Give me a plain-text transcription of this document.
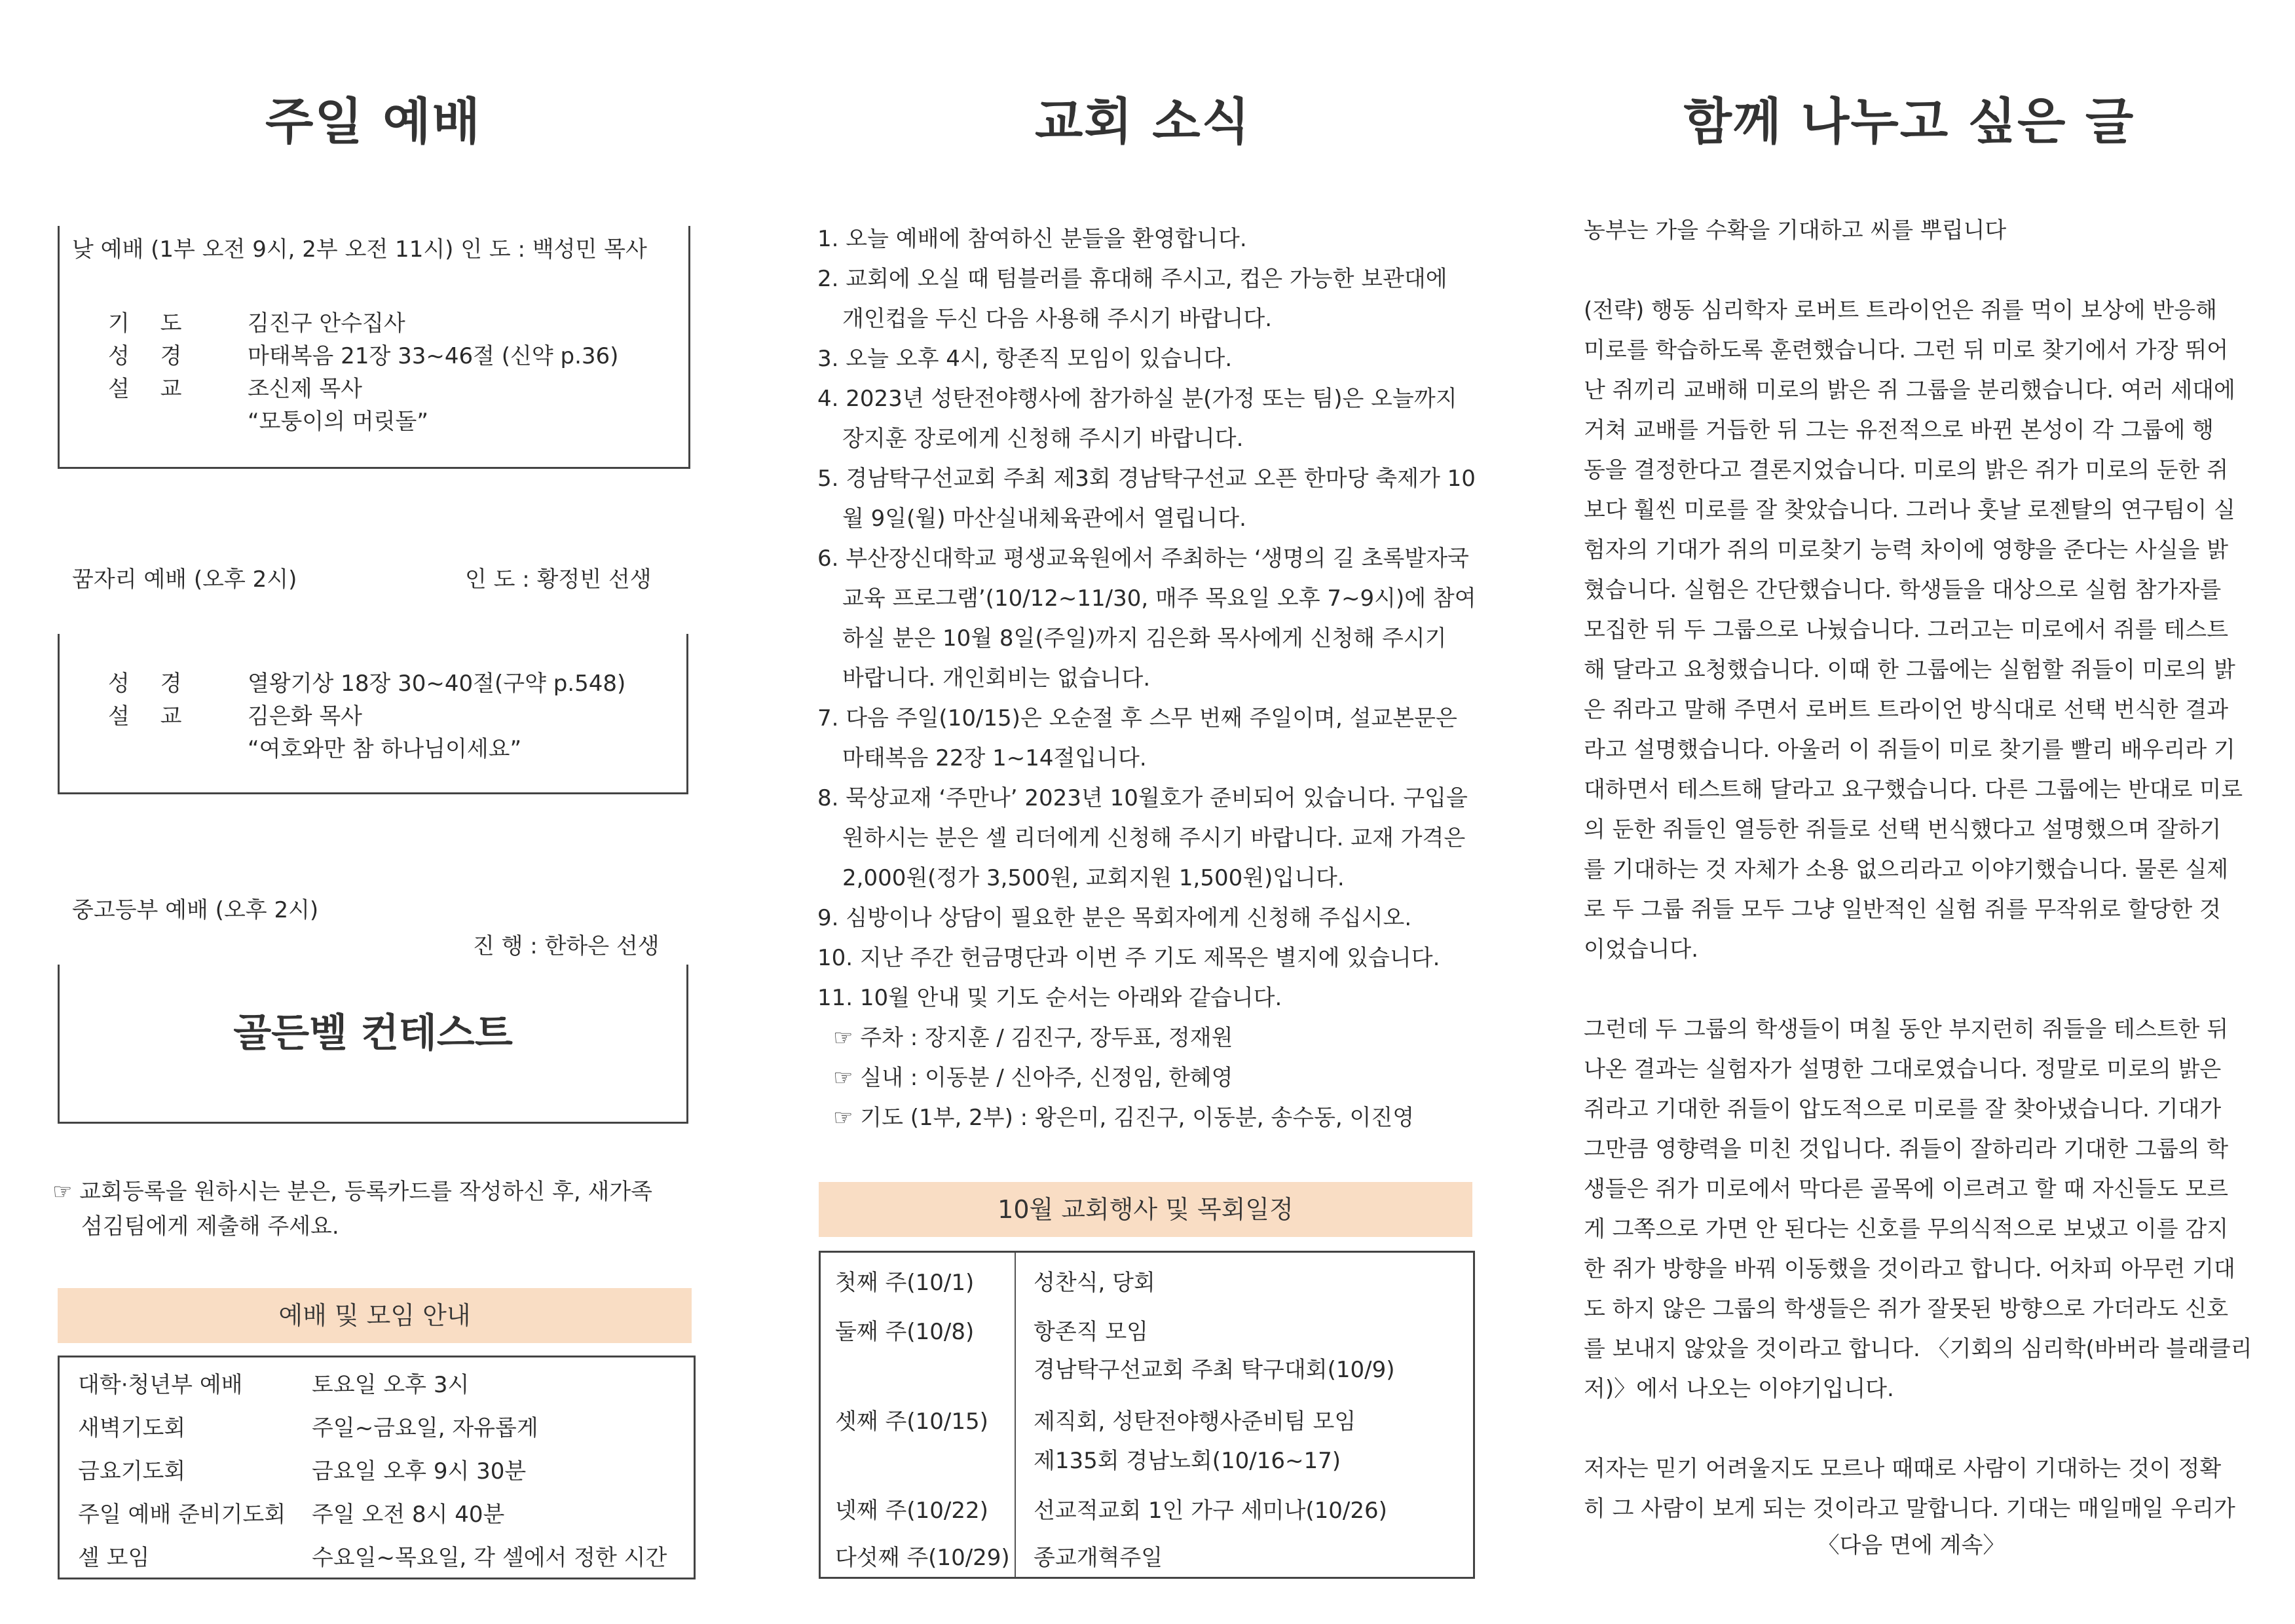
주일 예배
낮 예배 (1부 오전 9시, 2부 오전 11시) 인 도 : 백성민 목사
기 도 김진구 안수집사
성 경 마태복음 21장 33~46절 (신약 p.36)
설 교 조신제 목사
“모퉁이의 머릿돌”
꿈자리 예배 (오후 2시)	인 도 : 황정빈 선생
성 경 열왕기상 18장 30~40절(구약 p.548)
설 교 김은화 목사
“여호와만 참 하나님이세요”
중고등부 예배 (오후 2시)
진 행 : 한하은 선생
골든벨 컨테스트
☞ 교회등록을 원하시는 분은, 등록카드를 작성하신 후, 새가족
섬김팀에게 제출해 주세요.
예배 및 모임 안내
대학·청년부 예배	토요일 오후 3시
새벽기도회	주일~금요일, 자유롭게
금요기도회	금요일 오후 9시 30분
주일 예배 준비기도회 주일 오전 8시 40분
셀 모임	수요일~목요일, 각 셀에서 정한 시간
교회 소식
1. 오늘 예배에 참여하신 분들을 환영합니다.
2. 교회에 오실 때 텀블러를 휴대해 주시고, 컵은 가능한 보관대에
개인컵을 두신 다음 사용해 주시기 바랍니다.
3. 오늘 오후 4시, 항존직 모임이 있습니다.
4. 2023년 성탄전야행사에 참가하실 분(가정 또는 팀)은 오늘까지
장지훈 장로에게 신청해 주시기 바랍니다.
5. 경남탁구선교회 주최 제3회 경남탁구선교 오픈 한마당 축제가 10
월 9일(월) 마산실내체육관에서 열립니다.
6. 부산장신대학교 평생교육원에서 주최하는 ‘생명의 길 초록발자국
교육 프로그램’(10/12~11/30, 매주 목요일 오후 7~9시)에 참여
하실 분은 10월 8일(주일)까지 김은화 목사에게 신청해 주시기
바랍니다. 개인회비는 없습니다.
7. 다음 주일(10/15)은 오순절 후 스무 번째 주일이며, 설교본문은
마태복음 22장 1~14절입니다.
8. 묵상교재 ‘주만나’ 2023년 10월호가 준비되어 있습니다. 구입을
원하시는 분은 셀 리더에게 신청해 주시기 바랍니다. 교재 가격은
2,000원(정가 3,500원, 교회지원 1,500원)입니다.
9. 심방이나 상담이 필요한 분은 목회자에게 신청해 주십시오.
10. 지난 주간 헌금명단과 이번 주 기도 제목은 별지에 있습니다.
11. 10월 안내 및 기도 순서는 아래와 같습니다.
☞ 주차 : 장지훈 / 김진구, 장두표, 정재원
☞ 실내 : 이동분 / 신아주, 신정임, 한혜영
☞ 기도 (1부, 2부) : 왕은미, 김진구, 이동분, 송수동, 이진영
10월 교회행사 및 목회일정
첫째 주(10/1)	성찬식, 당회
둘째 주(10/8)	항존직 모임
경남탁구선교회 주최 탁구대회(10/9)
셋째 주(10/15) 제직회, 성탄전야행사준비팀 모임
제135회 경남노회(10/16~17)
넷째 주(10/22) 선교적교회 1인 가구 세미나(10/26)
다섯째 주(10/29) 종교개혁주일
함께 나누고 싶은 글
농부는 가을 수확을 기대하고 씨를 뿌립니다

(전략) 행동 심리학자 로버트 트라이언은 쥐를 먹이 보상에 반응해
미로를 학습하도록 훈련했습니다. 그런 뒤 미로 찾기에서 가장 뛰어
난 쥐끼리 교배해 미로의 밝은 쥐 그룹을 분리했습니다. 여러 세대에
거쳐 교배를 거듭한 뒤 그는 유전적으로 바뀐 본성이 각 그룹에 행
동을 결정한다고 결론지었습니다. 미로의 밝은 쥐가 미로의 둔한 쥐
보다 훨씬 미로를 잘 찾았습니다. 그러나 훗날 로젠탈의 연구팀이 실
험자의 기대가 쥐의 미로찾기 능력 차이에 영향을 준다는 사실을 밝
혔습니다. 실험은 간단했습니다. 학생들을 대상으로 실험 참가자를
모집한 뒤 두 그룹으로 나눴습니다. 그러고는 미로에서 쥐를 테스트
해 달라고 요청했습니다. 이때 한 그룹에는 실험할 쥐들이 미로의 밝
은 쥐라고 말해 주면서 로버트 트라이언 방식대로 선택 번식한 결과
라고 설명했습니다. 아울러 이 쥐들이 미로 찾기를 빨리 배우리라 기
대하면서 테스트해 달라고 요구했습니다. 다른 그룹에는 반대로 미로
의 둔한 쥐들인 열등한 쥐들로 선택 번식했다고 설명했으며 잘하기
를 기대하는 것 자체가 소용 없으리라고 이야기했습니다. 물론 실제
로 두 그룹 쥐들 모두 그냥 일반적인 실험 쥐를 무작위로 할당한 것
이었습니다.

그런데 두 그룹의 학생들이 며칠 동안 부지런히 쥐들을 테스트한 뒤
나온 결과는 실험자가 설명한 그대로였습니다. 정말로 미로의 밝은
쥐라고 기대한 쥐들이 압도적으로 미로를 잘 찾아냈습니다. 기대가
그만큼 영향력을 미친 것입니다. 쥐들이 잘하리라 기대한 그룹의 학
생들은 쥐가 미로에서 막다른 골목에 이르려고 할 때 자신들도 모르
게 그쪽으로 가면 안 된다는 신호를 무의식적으로 보냈고 이를 감지
한 쥐가 방향을 바꿔 이동했을 것이라고 합니다. 어차피 아무런 기대
도 하지 않은 그룹의 학생들은 쥐가 잘못된 방향으로 가더라도 신호
를 보내지 않았을 것이라고 합니다. 〈기회의 심리학(바버라 블래클리
저)〉에서 나오는 이야기입니다.

저자는 믿기 어려울지도 모르나 때때로 사람이 기대하는 것이 정확
히 그 사람이 보게 되는 것이라고 말합니다. 기대는 매일매일 우리가
〈다음 면에 계속〉
